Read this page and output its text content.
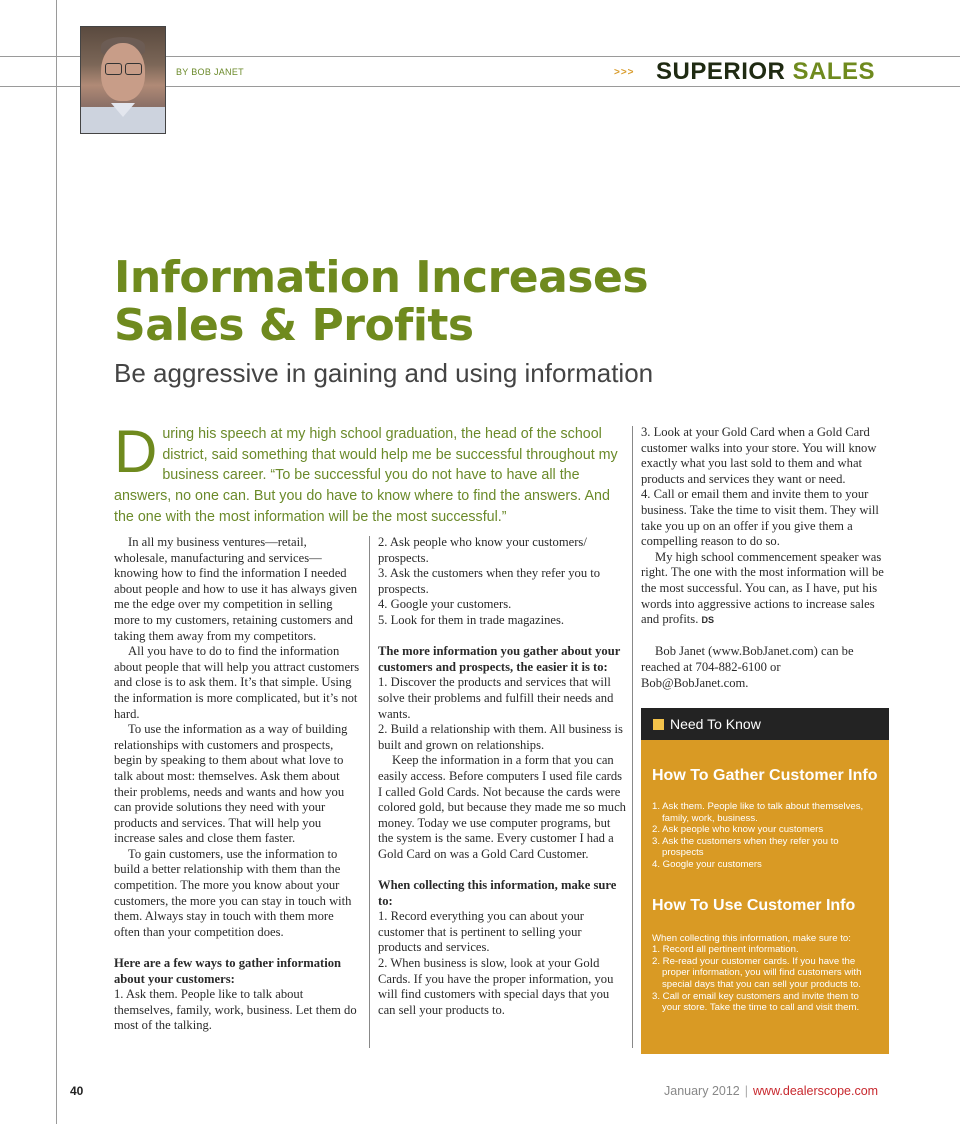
BY BOB JANET	>>> SUPERIOR SALES
Information Increases
Sales & Profits
Be aggressive in gaining and using information
During his speech at my high school graduation, the head of the school district, said something that would help me be successful throughout my business career. “To be successful you do not have to have all the answers, no one can. But you do have to know where to find the answers. And the one with the most information will be the most successful.”

In all my business ventures—retail, wholesale, manufacturing and services—knowing how to find the information I needed about people and how to use it has always given me the edge over my competition in selling more to my customers, retaining customers and taking them away from my competitors.

All you have to do to find the information about people that will help you attract customers and close is to ask them. It’s that simple. Using the information is more complicated, but it’s not hard.

To use the information as a way of building relationships with customers and prospects, begin by speaking to them about what love to talk about most: themselves. Ask them about their problems, needs and wants and how you can provide solutions they need with your products and services. That will help you increase sales and close them faster.

To gain customers, use the information to build a better relationship with them than the competition. The more you know about your customers, the more you can stay in touch with them. Always stay in touch with them more often than your competition does.

Here are a few ways to gather information about your customers:

1. Ask them. People like to talk about themselves, family, work, business. Let them do most of the talking.

2. Ask people who know your customers/ prospects.

3. Ask the customers when they refer you to prospects.

4. Google your customers.

5. Look for them in trade magazines.

The more information you gather about your customers and prospects, the easier it is to:

1. Discover the products and services that will solve their problems and fulfill their needs and wants.

2. Build a relationship with them. All business is built and grown on relationships.

Keep the information in a form that you can easily access. Before computers I used file cards I called Gold Cards. Not because the cards were colored gold, but because they made me so much money. Today we use computer programs, but the system is the same. Every customer I had a Gold Card on was a Gold Card Customer.

When collecting this information, make sure to:

1. Record everything you can about your customer that is pertinent to selling your products and services.

2. When business is slow, look at your Gold Cards. If you have the proper information, you will find customers with special days that you can sell your products to.

3. Look at your Gold Card when a Gold Card customer walks into your store. You will know exactly what you last sold to them and what products and services they want or need.

4. Call or email them and invite them to your business. Take the time to visit them. They will take you up on an offer if you give them a compelling reason to do so.

My high school commencement speaker was right. The one with the most information will be the most successful. You can, as I have, put his words into aggressive actions to increase sales and profits. DS

Bob Janet (www.BobJanet.com) can be reached at 704-882-6100 or Bob@BobJanet.com.

Need To Know
How To Gather Customer Info
1. Ask them. People like to talk about themselves, family, work, business.
2. Ask people who know your customers
3. Ask the customers when they refer you to prospects
4. Google your customers
How To Use Customer Info
When collecting this information, make sure to:
1. Record all pertinent information.
2. Re-read your customer cards. If you have the proper information, you will find customers with special days that you can sell your products to.
3. Call or email key customers and invite them to your store. Take the time to call and visit them.
40	January 2012 | www.dealerscope.com
